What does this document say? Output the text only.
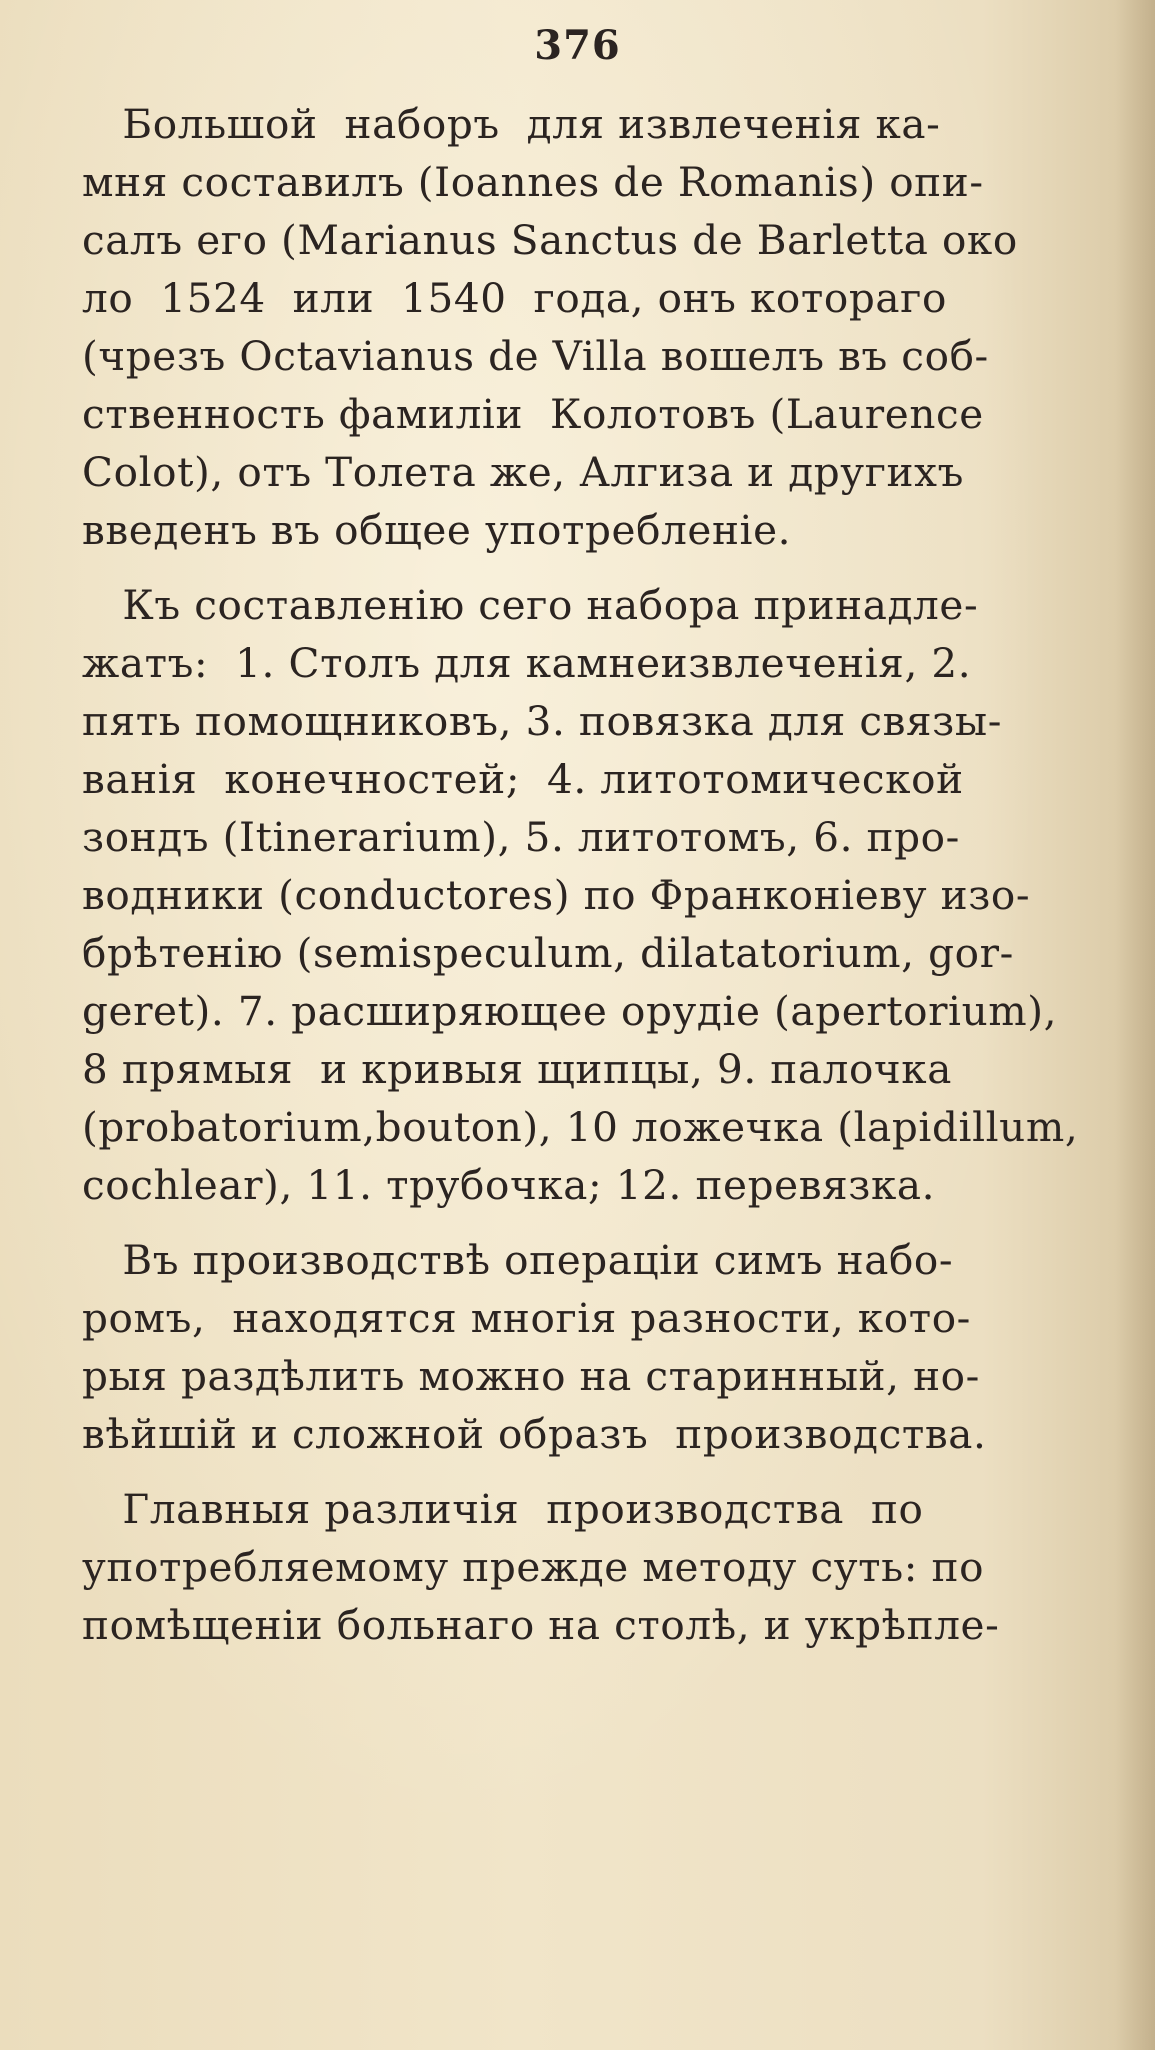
376
Большой  наборъ  для извлеченія ка-
мня составилъ (Ioannes de Romanis) опи-
салъ его (Marianus Sanctus de Barletta око
ло  1524  или  1540  года, онъ котораго
(чрезъ Octavianus de Villa вошелъ въ соб-
ственность фамиліи  Колотовъ (Laurence
Colot), отъ Толета же, Алгиза и другихъ
введенъ въ общее употребленіе.
Къ составленію сего набора принадле-
жатъ:  1. Столъ для камнеизвлеченія, 2.
пять помощниковъ, 3. повязка для связы-
ванія  конечностей;  4. литотомической
зондъ (Itinerarium), 5. литотомъ, 6. про-
водники (conductores) по Франконіеву изо-
брѣтенію (semispeculum, dilatatorium, gor-
geret). 7. расширяющее орудіе (apertorium),
8 прямыя  и кривыя щипцы, 9. палочка
(probatorium,bouton), 10 ложечка (lapidillum,
cochlear), 11. трубочка; 12. перевязка.
Въ производствѣ операціи симъ набо-
ромъ,  находятся многія разности, кото-
рыя раздѣлить можно на старинный, но-
вѣйшій и сложной образъ  производства.
Главныя различія  производства  по
употребляемому прежде методу суть: по
помѣщеніи больнаго на столѣ, и укрѣпле-
